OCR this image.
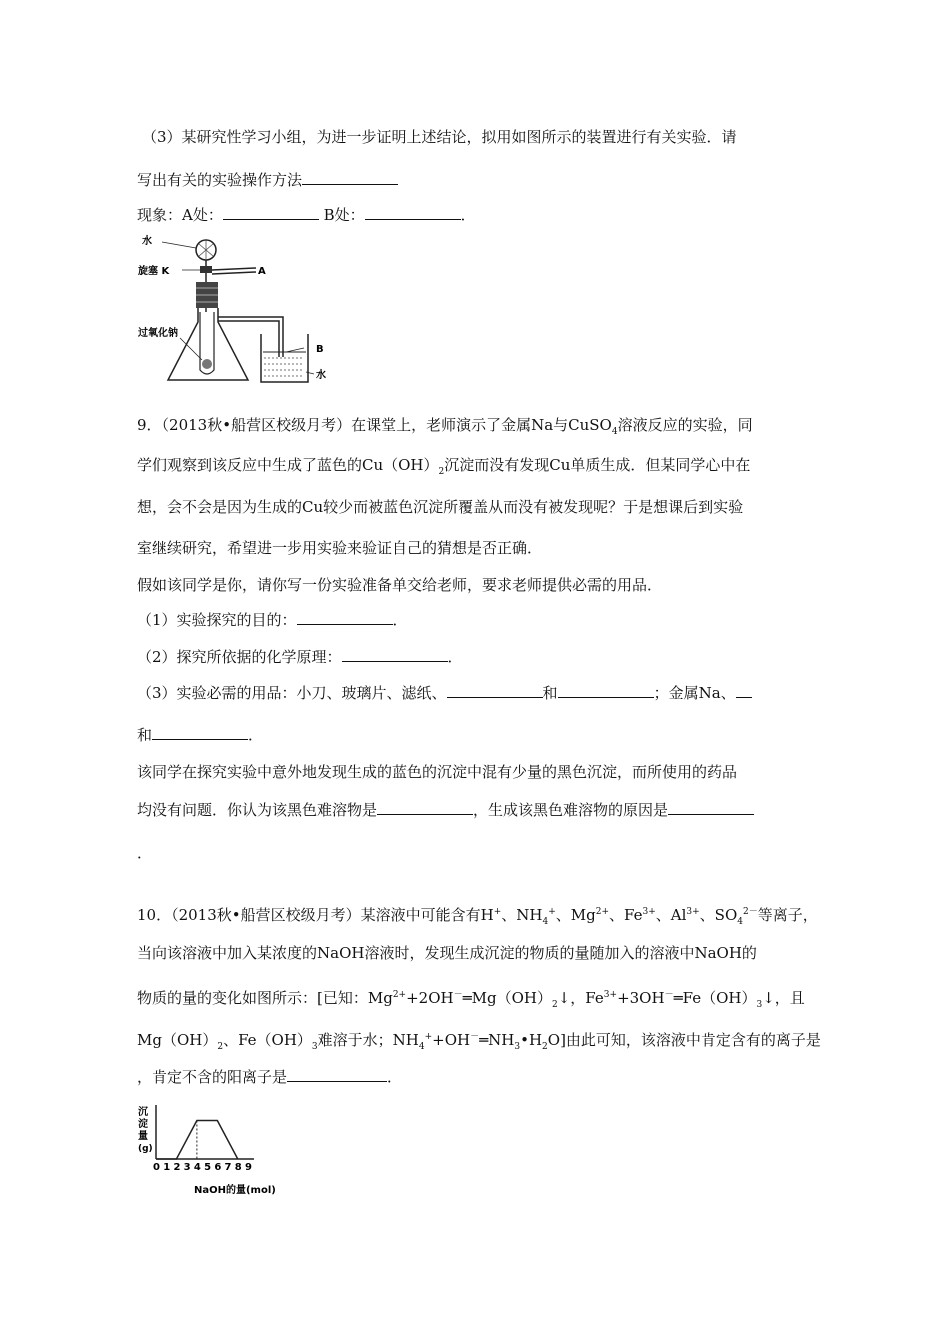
（3）某研究性学习小组，为进一步证明上述结论，拟用如图所示的装置进行有关实验．请
写出有关的实验操作方法
现象：A处：	B处：	．
水
旋塞 K	A
过氧化钠
B
水
9．（2013秋•船营区校级月考）在课堂上，老师演示了金属Na与CuSO$_4$溶液反应的实验，同
学们观察到该反应中生成了蓝色的$Cu(OH)_2$沉淀而没有发现Cu单质生成．但某同学心中在
想，会不会是因为生成的Cu较少而被蓝色沉淀所覆盖从而没有被发现呢？于是想课后到实验
室继续研究，希望进一步用实验来验证自己的猜想是否正确．
假如该同学是你，请你写一份实验准备单交给老师，要求老师提供必需的用品．
（1）实验探究的目的：	．
（2）探究所依据的化学原理：	．
（3）实验必需的用品：小刀、玻璃片、滤纸、	和	；金属Na、
和	．
该同学在探究实验中意外地发现生成的蓝色的沉淀中混有少量的黑色沉淀，而所使用的药品
均没有问题．你认为该黑色难溶物是	，生成该黑色难溶物的原因是
．
10．（2013秋•船营区校级月考）某溶液中可能含有H+、$NH_4^+$、$Mg^{2+}$、$Fe^{3+}$、$Al^{3+}$、$SO_4^{2-}$等离子，
当向该溶液中加入某浓度的NaOH溶液时，发现生成沉淀的物质的量随加入的溶液中NaOH的
物质的量的变化如图所示：[已知：$Mg^{2+}+2OH^-═Mg(OH)_2↓$，$Fe^{3+}+3OH^-═Fe(OH)_3↓$，且
$Mg(OH)_2$、$Fe(OH)_3$难溶于水；$NH_4^++OH^-═NH_3•H_2O$]由此可知，该溶液中肯定含有的离子是
，肯定不含的阳离子是	．
沉
淀
量
(g)
0 1 2 3 4 5 6 7 8 9
NaOH的量(mol)
